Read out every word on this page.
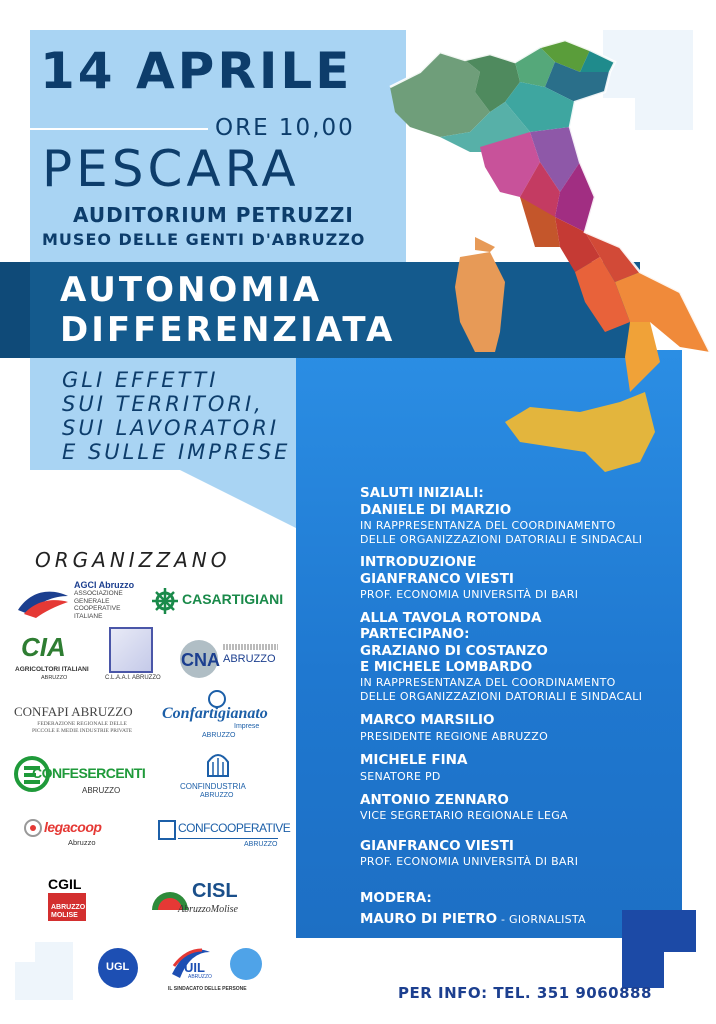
14 APRILE
ORE 10,00
PESCARA
AUDITORIUM PETRUZZI
MUSEO DELLE GENTI D'ABRUZZO
AUTONOMIA
DIFFERENZIATA
GLI EFFETTI
SUI TERRITORI,
SUI LAVORATORI
E SULLE IMPRESE
ORGANIZZANO
AGCI Abruzzo
ASSOCIAZIONE
GENERALE
COOPERATIVE
ITALIANE
CASARTIGIANI
CIA
AGRICOLTORI ITALIANI
ABRUZZO	C.L.A.A.I. ABRUZZO
CNA ABRUZZO
CONFAPI ABRUZZO
FEDERAZIONE REGIONALE DELLE
PICCOLE E MEDIE INDUSTRIE PRIVATE
Confartigianato
Imprese
ABRUZZO
CONFESERCENTI
ABRUZZO	CONFINDUSTRIA
ABRUZZO
legacoop
Abruzzo
CONFCOOPERATIVE
ABRUZZO
CGIL
ABRUZZO
MOLISE
CISL
AbruzzoMolise
UGL	UIL
ABRUZZO
IL SINDACATO DELLE PERSONE
SALUTI INIZIALI:
DANIELE DI MARZIO
IN RAPPRESENTANZA DEL COORDINAMENTO
DELLE ORGANIZZAZIONI DATORIALI E SINDACALI
INTRODUZIONE
GIANFRANCO VIESTI
PROF. ECONOMIA UNIVERSITÀ DI BARI
ALLA TAVOLA ROTONDA
PARTECIPANO:
GRAZIANO DI COSTANZO
E MICHELE LOMBARDO
IN RAPPRESENTANZA DEL COORDINAMENTO
DELLE ORGANIZZAZIONI DATORIALI E SINDACALI
MARCO MARSILIO
PRESIDENTE REGIONE ABRUZZO
MICHELE FINA
SENATORE PD
ANTONIO ZENNARO
VICE SEGRETARIO REGIONALE LEGA
GIANFRANCO VIESTI
PROF. ECONOMIA UNIVERSITÀ DI BARI
MODERA:
MAURO DI PIETRO - GIORNALISTA
PER INFO: TEL. 351 9060888
